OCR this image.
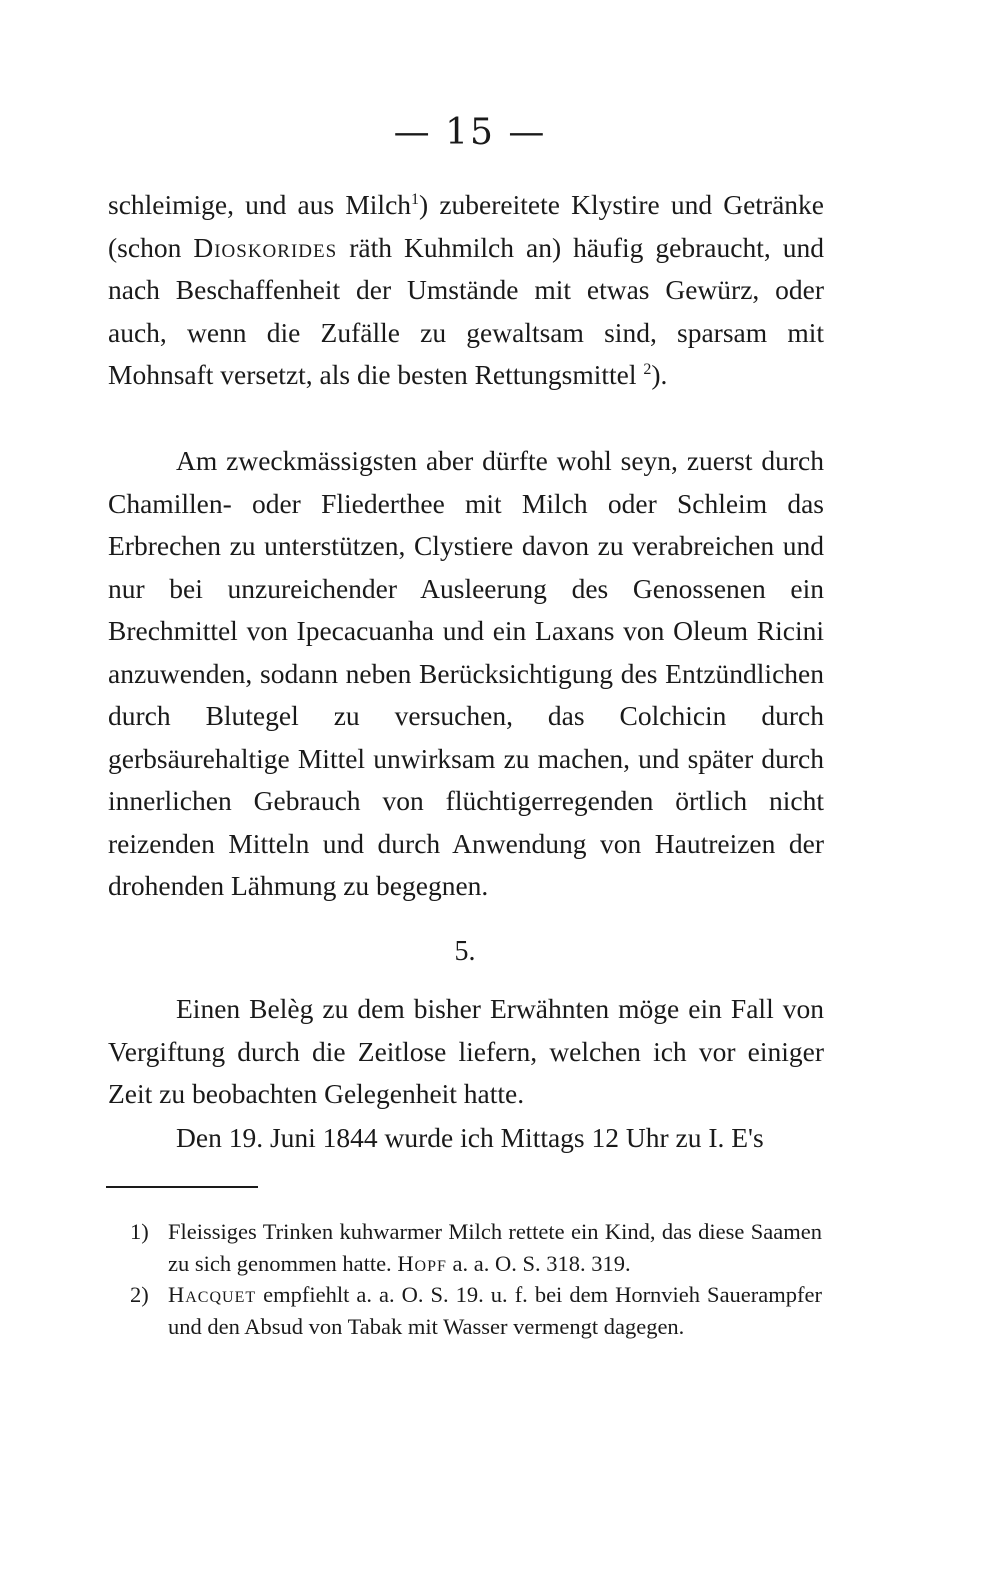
— 15 —

schleimige, und aus Milch$^1$) zubereitete Klystire und Getränke (schon Dioskorides räth Kuhmilch an) häufig gebraucht, und nach Beschaffenheit der Umstände mit etwas Gewürz, oder auch, wenn die Zufälle zu gewaltsam sind, sparsam mit Mohnsaft versetzt, als die besten Rettungsmittel $^2$).

Am zweckmässigsten aber dürfte wohl seyn, zuerst durch Chamillen- oder Fliederthee mit Milch oder Schleim das Erbrechen zu unterstützen, Clystiere davon zu verabreichen und nur bei unzureichender Ausleerung des Genossenen ein Brechmittel von Ipecacuanha und ein Laxans von Oleum Ricini anzuwenden, sodann neben Berücksichtigung des Entzündlichen durch Blutegel zu versuchen, das Colchicin durch gerbsäurehaltige Mittel unwirksam zu machen, und später durch innerlichen Gebrauch von flüchtigerregenden örtlich nicht reizenden Mitteln und durch Anwendung von Hautreizen der drohenden Lähmung zu begegnen.

5.

Einen Belèg zu dem bisher Erwähnten möge ein Fall von Vergiftung durch die Zeitlose liefern, welchen ich vor einiger Zeit zu beobachten Gelegenheit hatte.

Den 19. Juni 1844 wurde ich Mittags 12 Uhr zu I. E's

1) Fleissiges Trinken kuhwarmer Milch rettete ein Kind, das diese Saamen zu sich genommen hatte. Hopf a. a. O. S. 318. 319.
2) Hacquet empfiehlt a. a. O. S. 19. u. f. bei dem Hornvieh Sauerampfer und den Absud von Tabak mit Wasser vermengt dagegen.
